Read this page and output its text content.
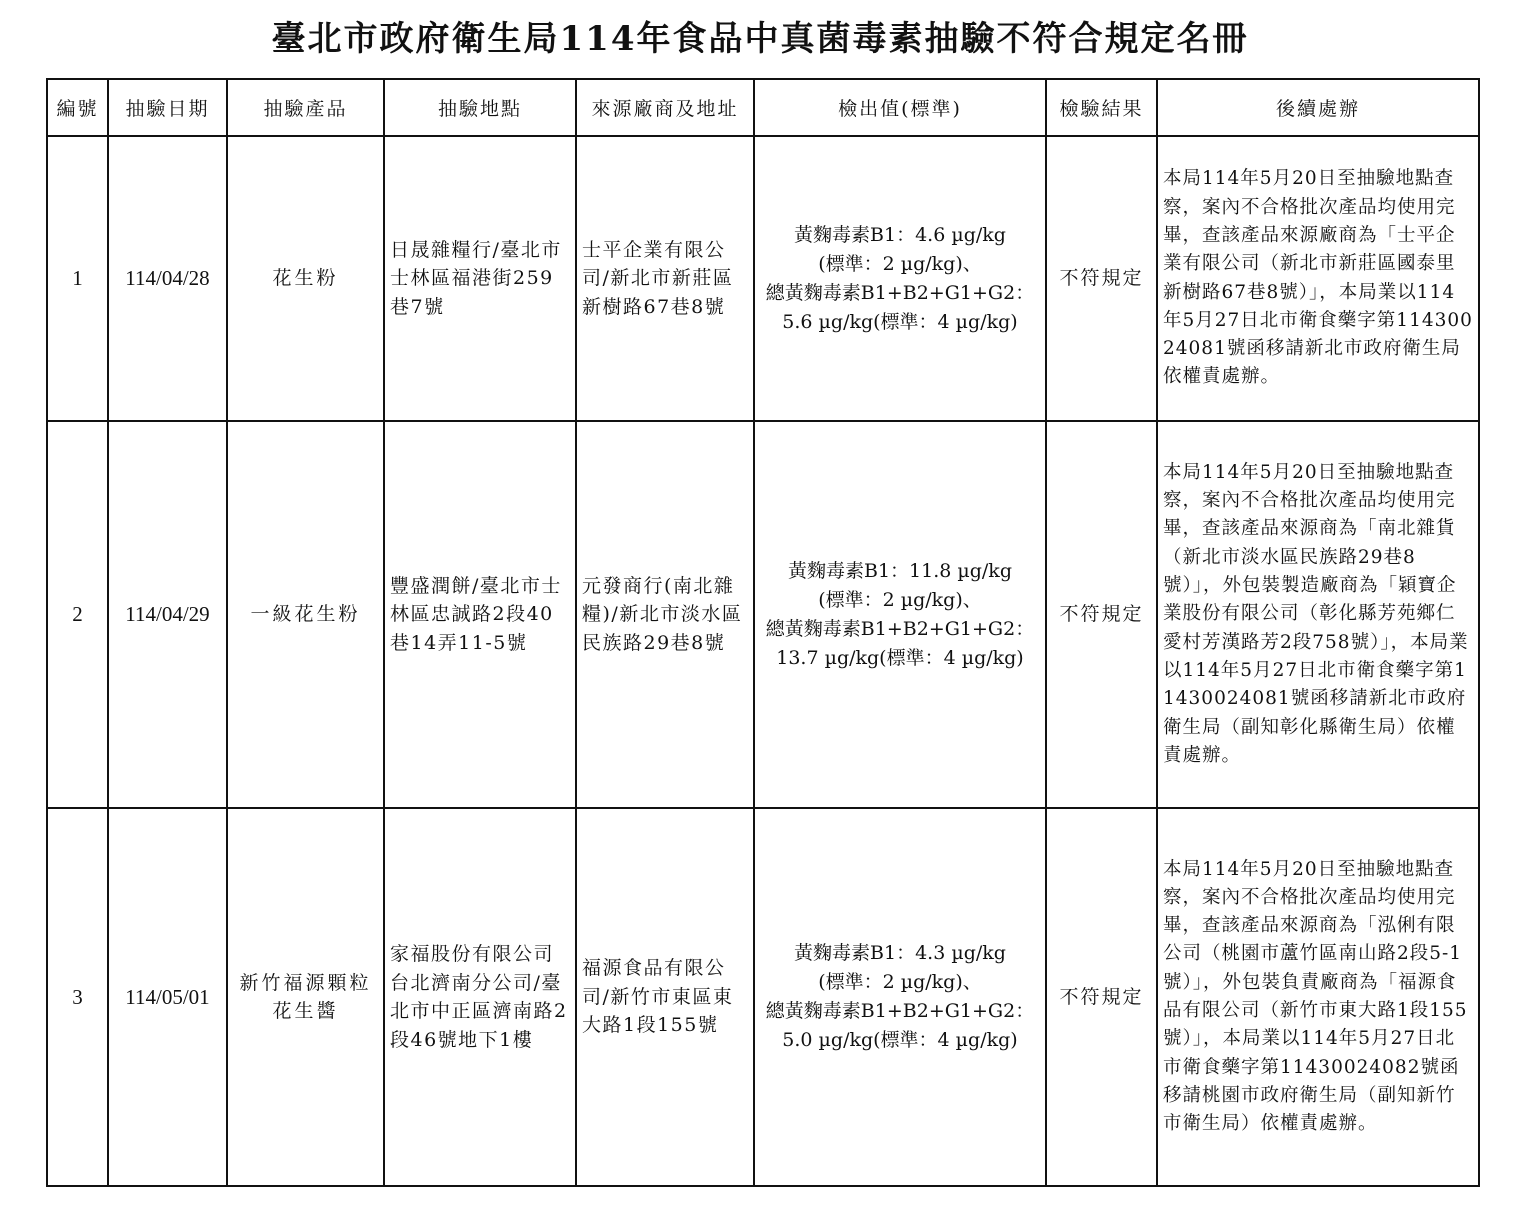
臺北市政府衛生局114年食品中真菌毒素抽驗不符合規定名冊
編號	抽驗日期	抽驗產品	抽驗地點	來源廠商及地址	檢出值(標準)	檢驗結果	後續處辦
1	114/04/28	花生粉	日晟雜糧行/臺北市士林區福港街259巷7號	士平企業有限公司/新北市新莊區新樹路67巷8號	黃麴毒素B1：4.6 µg/kg
(標準：2 µg/kg)、
總黃麴毒素B1+B2+G1+G2：
5.6 µg/kg(標準：4 µg/kg)	不符規定	本局114年5月20日至抽驗地點查察，案內不合格批次產品均使用完畢，查該產品來源廠商為「士平企業有限公司（新北市新莊區國泰里新樹路67巷8號）」，本局業以114年5月27日北市衛食藥字第11430024081號函移請新北市政府衛生局依權責處辦。
2	114/04/29	一級花生粉	豐盛潤餅/臺北市士林區忠誠路2段40巷14弄11-5號	元發商行(南北雜糧)/新北市淡水區民族路29巷8號	黃麴毒素B1：11.8 µg/kg
(標準：2 µg/kg)、
總黃麴毒素B1+B2+G1+G2：
13.7 µg/kg(標準：4 µg/kg)	不符規定	本局114年5月20日至抽驗地點查察，案內不合格批次產品均使用完畢，查該產品來源商為「南北雜貨（新北市淡水區民族路29巷8號）」，外包裝製造廠商為「穎寶企業股份有限公司（彰化縣芳苑鄉仁愛村芳漢路芳2段758號）」，本局業以114年5月27日北市衛食藥字第11430024081號函移請新北市政府衛生局（副知彰化縣衛生局）依權責處辦。
3	114/05/01	新竹福源顆粒花生醬	家福股份有限公司台北濟南分公司/臺北市中正區濟南路2段46號地下1樓	福源食品有限公司/新竹市東區東大路1段155號	黃麴毒素B1：4.3 µg/kg
(標準：2 µg/kg)、
總黃麴毒素B1+B2+G1+G2：
5.0 µg/kg(標準：4 µg/kg)	不符規定	本局114年5月20日至抽驗地點查察，案內不合格批次產品均使用完畢，查該產品來源商為「泓俐有限公司（桃園市蘆竹區南山路2段5-1號）」，外包裝負責廠商為「福源食品有限公司（新竹市東大路1段155號）」，本局業以114年5月27日北市衛食藥字第11430024082號函移請桃園市政府衛生局（副知新竹市衛生局）依權責處辦。
